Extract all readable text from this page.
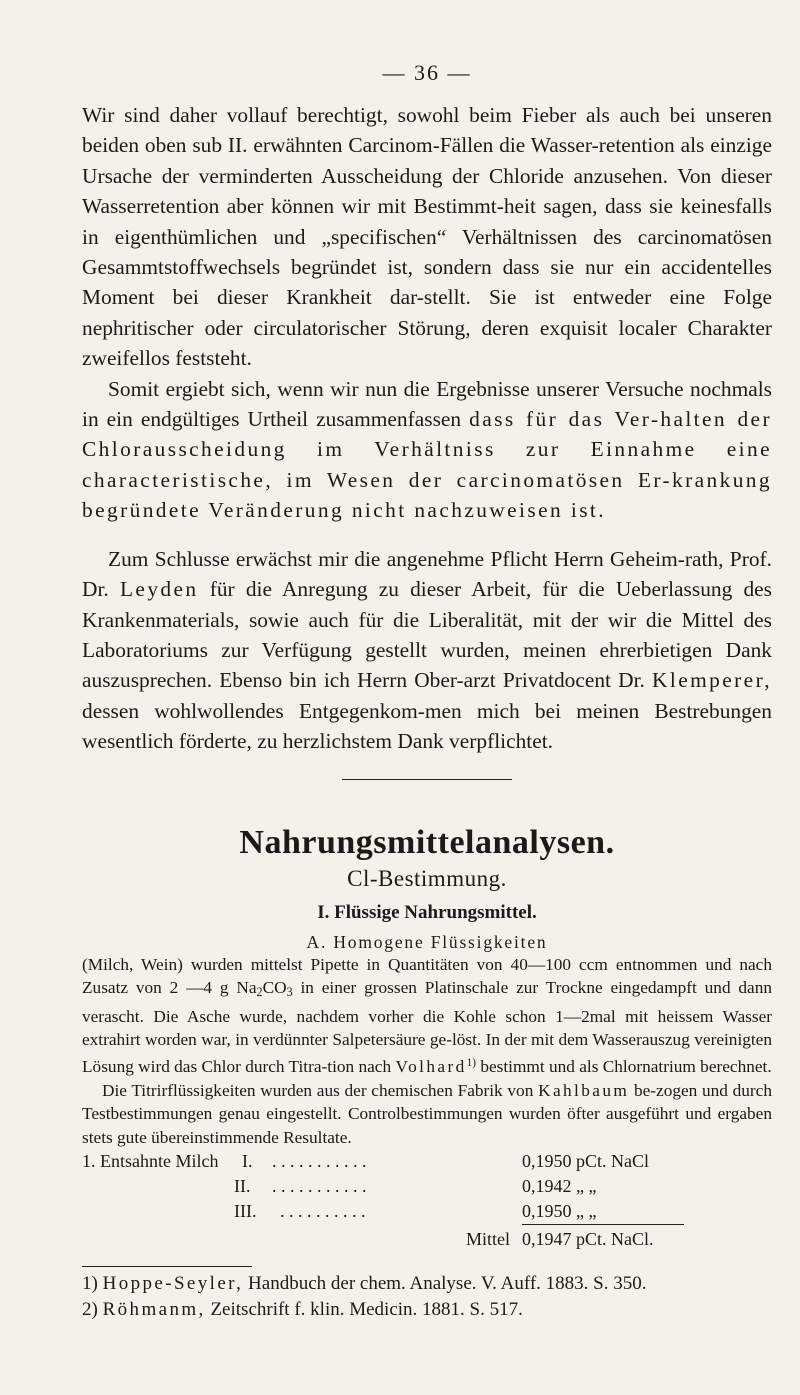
— 36 —

Wir sind daher vollauf berechtigt, sowohl beim Fieber als auch bei unseren beiden oben sub II. erwähnten Carcinom-Fällen die Wasser-retention als einzige Ursache der verminderten Ausscheidung der Chloride anzusehen. Von dieser Wasserretention aber können wir mit Bestimmt-heit sagen, dass sie keinesfalls in eigenthümlichen und „specifischen“ Verhältnissen des carcinomatösen Gesammtstoffwechsels begründet ist, sondern dass sie nur ein accidentelles Moment bei dieser Krankheit dar-stellt. Sie ist entweder eine Folge nephritischer oder circulatorischer Störung, deren exquisit localer Charakter zweifellos feststeht.

Somit ergiebt sich, wenn wir nun die Ergebnisse unserer Versuche nochmals in ein endgültiges Urtheil zusammenfassen dass für das Ver-halten der Chlorausscheidung im Verhältniss zur Einnahme eine characteristische, im Wesen der carcinomatösen Er-krankung begründete Veränderung nicht nachzuweisen ist.

Zum Schlusse erwächst mir die angenehme Pflicht Herrn Geheim-rath, Prof. Dr. Leyden für die Anregung zu dieser Arbeit, für die Ueberlassung des Krankenmaterials, sowie auch für die Liberalität, mit der wir die Mittel des Laboratoriums zur Verfügung gestellt wurden, meinen ehrerbietigen Dank auszusprechen. Ebenso bin ich Herrn Ober-arzt Privatdocent Dr. Klemperer, dessen wohlwollendes Entgegenkom-men mich bei meinen Bestrebungen wesentlich förderte, zu herzlichstem Dank verpflichtet.

Nahrungsmittelanalysen.
Cl-Bestimmung.
I. Flüssige Nahrungsmittel.
A. Homogene Flüssigkeiten

(Milch, Wein) wurden mittelst Pipette in Quantitäten von 40—100 ccm entnommen und nach Zusatz von 2 —4 g $Na_2CO_3$ in einer grossen Platinschale zur Trockne eingedampft und dann verascht. Die Asche wurde, nachdem vorher die Kohle schon 1—2mal mit heissem Wasser extrahirt worden war, in verdünnter Salpetersäure ge-löst. In der mit dem Wasserauszug vereinigten Lösung wird das Chlor durch Titra-tion nach Volhard$^{1)}$ bestimmt und als Chlornatrium berechnet.

Die Titrirflüssigkeiten wurden aus der chemischen Fabrik von Kahlbaum be-zogen und durch Testbestimmungen genau eingestellt. Controlbestimmungen wurden öfter ausgeführt und ergaben stets gute übereinstimmende Resultate.

1. Entsahnte Milch	I.	. . . . . . . . . . .	0,1950 pCt. NaCl
II.	. . . . . . . . . . .	0,1942 „ „
III.	. . . . . . . . . .	0,1950 „ „
Mittel 0,1947 pCt. NaCl.
1) Hoppe-Seyler, Handbuch der chem. Analyse. V. Auff. 1883. S. 350.
2) Röhmanm, Zeitschrift f. klin. Medicin. 1881. S. 517.
